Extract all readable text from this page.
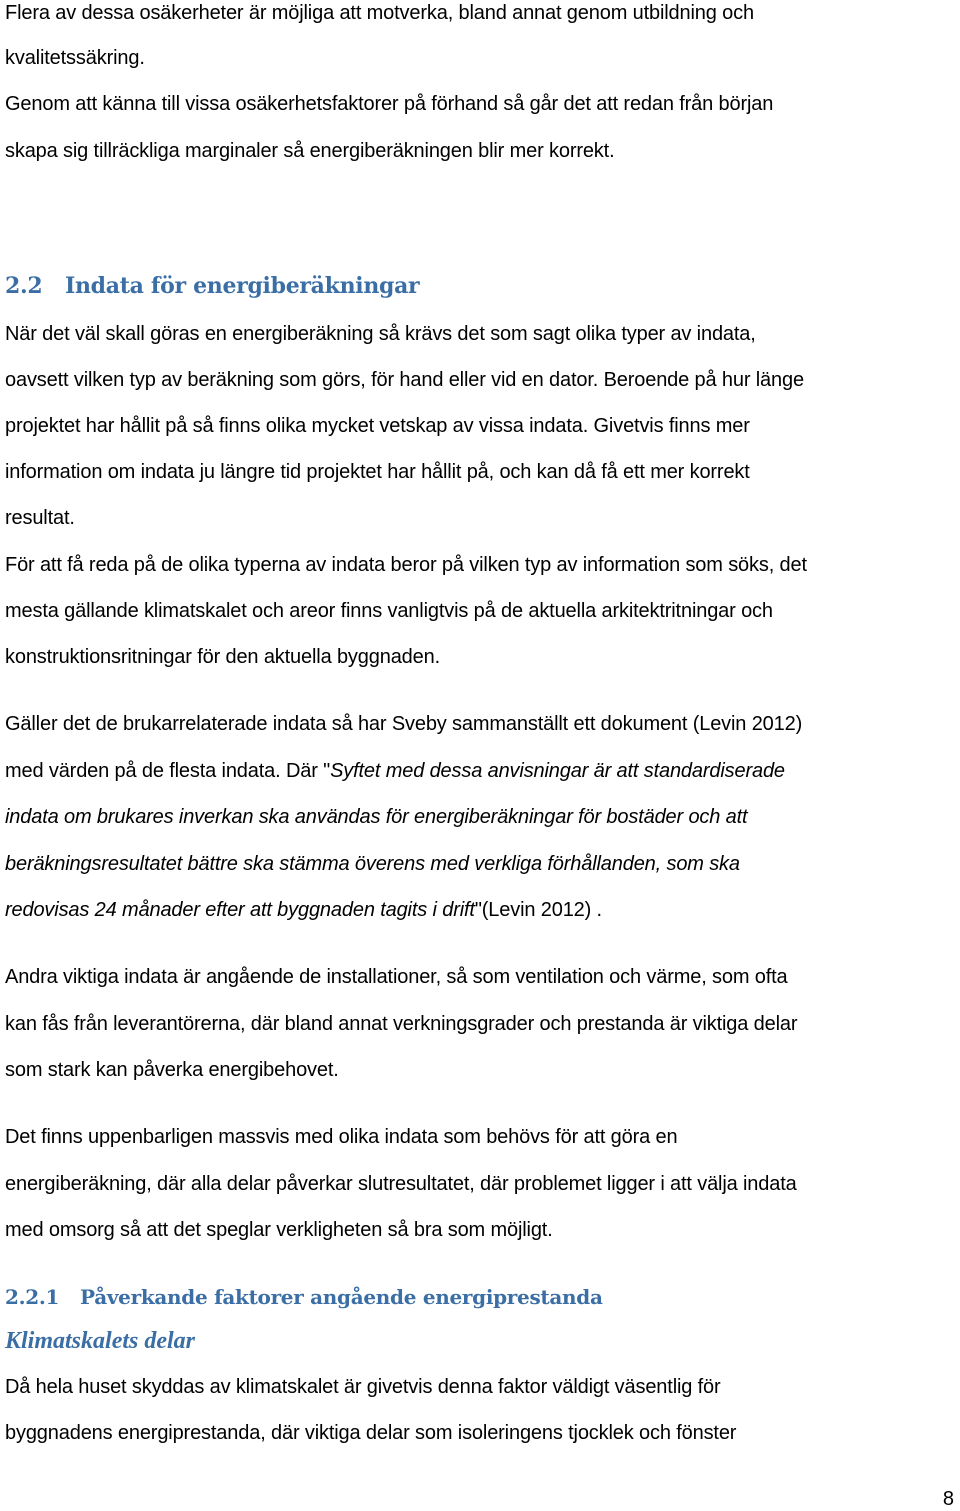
Flera av dessa osäkerheter är möjliga att motverka, bland annat genom utbildning och
kvalitetssäkring.
Genom att känna till vissa osäkerhetsfaktorer på förhand så går det att redan från början
skapa sig tillräckliga marginaler så energiberäkningen blir mer korrekt.
2.2 Indata för energiberäkningar
När det väl skall göras en energiberäkning så krävs det som sagt olika typer av indata,
oavsett vilken typ av beräkning som görs, för hand eller vid en dator. Beroende på hur länge
projektet har hållit på så finns olika mycket vetskap av vissa indata. Givetvis finns mer
information om indata ju längre tid projektet har hållit på, och kan då få ett mer korrekt
resultat.
För att få reda på de olika typerna av indata beror på vilken typ av information som söks, det
mesta gällande klimatskalet och areor finns vanligtvis på de aktuella arkitektritningar och
konstruktionsritningar för den aktuella byggnaden.
Gäller det de brukarrelaterade indata så har Sveby sammanställt ett dokument (Levin 2012)
med värden på de flesta indata. Där "Syftet med dessa anvisningar är att standardiserade
indata om brukares inverkan ska användas för energiberäkningar för bostäder och att
beräkningsresultatet bättre ska stämma överens med verkliga förhållanden, som ska
redovisas 24 månader efter att byggnaden tagits i drift"(Levin 2012) .
Andra viktiga indata är angående de installationer, så som ventilation och värme, som ofta
kan fås från leverantörerna, där bland annat verkningsgrader och prestanda är viktiga delar
som stark kan påverka energibehovet.
Det finns uppenbarligen massvis med olika indata som behövs för att göra en
energiberäkning, där alla delar påverkar slutresultatet, där problemet ligger i att välja indata
med omsorg så att det speglar verkligheten så bra som möjligt.
2.2.1 Påverkande faktorer angående energiprestanda
Klimatskalets delar
Då hela huset skyddas av klimatskalet är givetvis denna faktor väldigt väsentlig för
byggnadens energiprestanda, där viktiga delar som isoleringens tjocklek och fönster
8
